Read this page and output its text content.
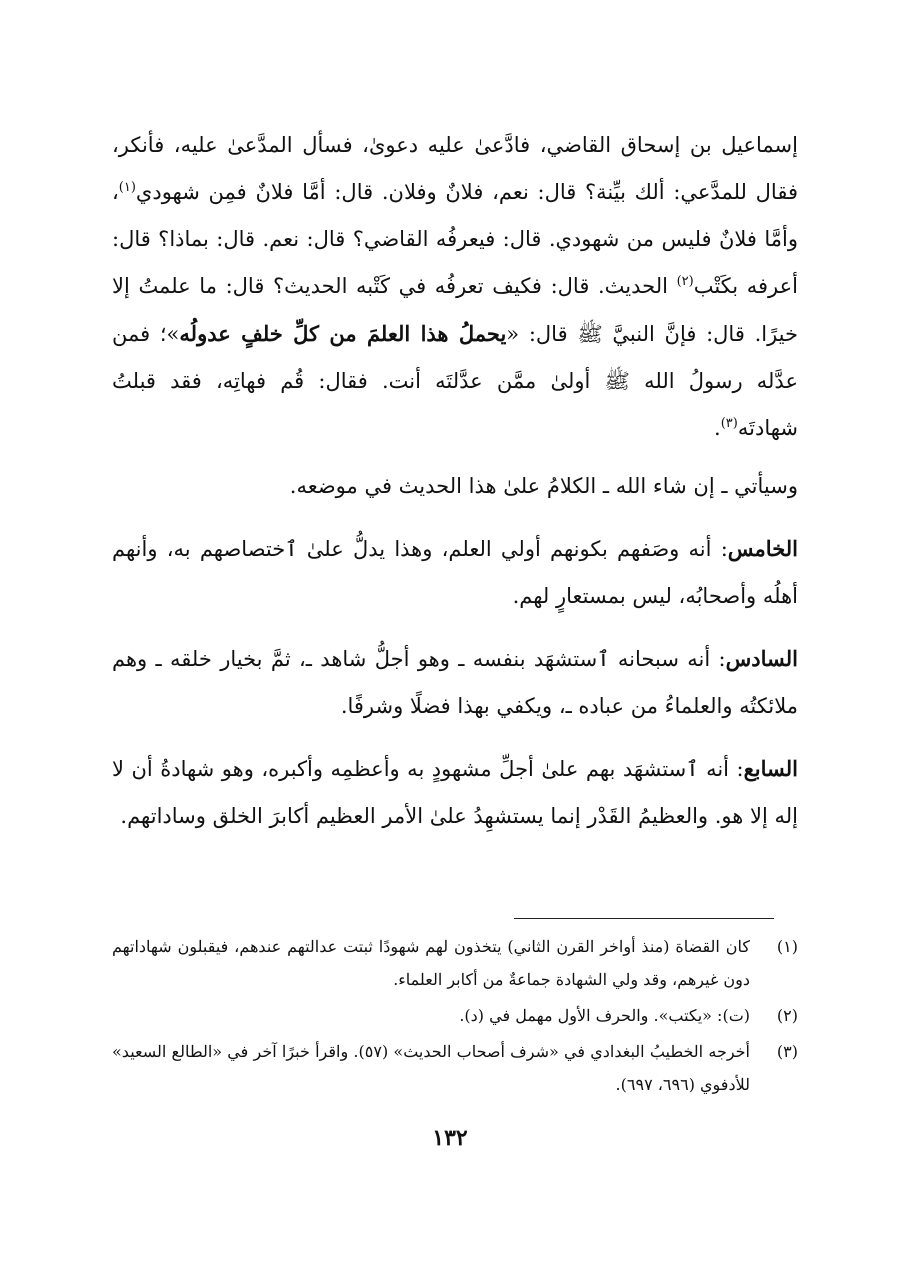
إسماعيل بن إسحاق القاضي، فادَّعىٰ عليه دعوىٰ، فسأل المدَّعىٰ عليه، فأنكر، فقال للمدَّعي: ألك بيِّنة؟ قال: نعم، فلانٌ وفلان. قال: أمَّا فلانٌ فمِن شهودي$^{(١)}$، وأمَّا فلانٌ فليس من شهودي. قال: فيعرفُه القاضي؟ قال: نعم. قال: بماذا؟ قال: أعرفه بكَتْب$^{(٢)}$ الحديث. قال: فكيف تعرفُه في كَتْبه الحديث؟ قال: ما علمتُ إلا خيرًا. قال: فإنَّ النبيَّ ﷺ قال: «يحملُ هذا العلمَ من كلِّ خلفٍ عدولُه»؛ فمن عدَّله رسولُ الله ﷺ أولىٰ ممَّن عدَّلتَه أنت. فقال: قُم فهاتِه، فقد قبلتُ شهادتَه$^{(٣)}$.

وسيأتي ـ إن شاء الله ـ الكلامُ علىٰ هذا الحديث في موضعه.

الخامس: أنه وصَفهم بكونهم أولي العلم، وهذا يدلُّ علىٰ ٱختصاصهم به، وأنهم أهلُه وأصحابُه، ليس بمستعارٍ لهم.

السادس: أنه سبحانه ٱستشهَد بنفسه ـ وهو أجلُّ شاهد ـ، ثمَّ بخيار خلقه ـ وهم ملائكتُه والعلماءُ من عباده ـ، ويكفي بهذا فضلًا وشرفًا.

السابع: أنه ٱستشهَد بهم علىٰ أجلِّ مشهودٍ به وأعظمِه وأكبره، وهو شهادةُ أن لا إله إلا هو. والعظيمُ القَدْر إنما يستشهِدُ علىٰ الأمر العظيم أكابرَ الخلق وساداتهم.

(١)
كان القضاة (منذ أواخر القرن الثاني) يتخذون لهم شهودًا ثبتت عدالتهم عندهم، فيقبلون شهاداتهم دون غيرهم، وقد ولي الشهادة جماعةٌ من أكابر العلماء.

(٢)
(ت): «يكتب». والحرف الأول مهمل في (د).

(٣)
أخرجه الخطيبُ البغدادي في «شرف أصحاب الحديث» (٥٧). واقرأ خبرًا آخر في «الطالع السعيد» للأدفوي (٦٩٦، ٦٩٧).

١٣٢
